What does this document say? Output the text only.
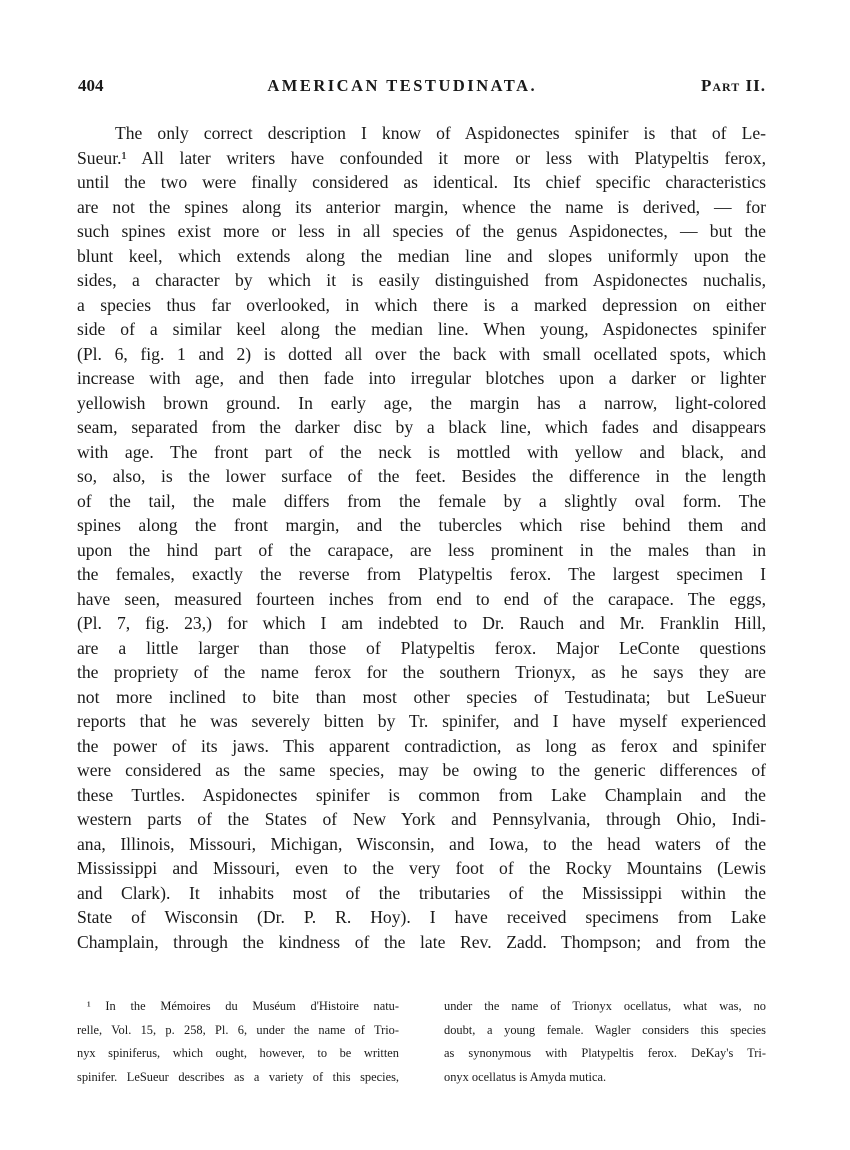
404	AMERICAN TESTUDINATA.	Part II.
The only correct description I know of Aspidonectes spinifer is that of Le-
Sueur.¹ All later writers have confounded it more or less with Platypeltis ferox,
until the two were finally considered as identical. Its chief specific characteristics
are not the spines along its anterior margin, whence the name is derived, — for
such spines exist more or less in all species of the genus Aspidonectes, — but the
blunt keel, which extends along the median line and slopes uniformly upon the
sides, a character by which it is easily distinguished from Aspidonectes nuchalis,
a species thus far overlooked, in which there is a marked depression on either
side of a similar keel along the median line. When young, Aspidonectes spinifer
(Pl. 6, fig. 1 and 2) is dotted all over the back with small ocellated spots, which
increase with age, and then fade into irregular blotches upon a darker or lighter
yellowish brown ground. In early age, the margin has a narrow, light-colored
seam, separated from the darker disc by a black line, which fades and disappears
with age. The front part of the neck is mottled with yellow and black, and
so, also, is the lower surface of the feet. Besides the difference in the length
of the tail, the male differs from the female by a slightly oval form. The
spines along the front margin, and the tubercles which rise behind them and
upon the hind part of the carapace, are less prominent in the males than in
the females, exactly the reverse from Platypeltis ferox. The largest specimen I
have seen, measured fourteen inches from end to end of the carapace. The eggs,
(Pl. 7, fig. 23,) for which I am indebted to Dr. Rauch and Mr. Franklin Hill,
are a little larger than those of Platypeltis ferox. Major LeConte questions
the propriety of the name ferox for the southern Trionyx, as he says they are
not more inclined to bite than most other species of Testudinata; but LeSueur
reports that he was severely bitten by Tr. spinifer, and I have myself experienced
the power of its jaws. This apparent contradiction, as long as ferox and spinifer
were considered as the same species, may be owing to the generic differences of
these Turtles. Aspidonectes spinifer is common from Lake Champlain and the
western parts of the States of New York and Pennsylvania, through Ohio, Indi-
ana, Illinois, Missouri, Michigan, Wisconsin, and Iowa, to the head waters of the
Mississippi and Missouri, even to the very foot of the Rocky Mountains (Lewis
and Clark). It inhabits most of the tributaries of the Mississippi within the
State of Wisconsin (Dr. P. R. Hoy). I have received specimens from Lake
Champlain, through the kindness of the late Rev. Zadd. Thompson; and from the
¹ In the Mémoires du Muséum d'Histoire natu-
relle, Vol. 15, p. 258, Pl. 6, under the name of Trio-
nyx spiniferus, which ought, however, to be written
spinifer. LeSueur describes as a variety of this species,
under the name of Trionyx ocellatus, what was, no
doubt, a young female. Wagler considers this species
as synonymous with Platypeltis ferox. DeKay's Tri-
onyx ocellatus is Amyda mutica.
